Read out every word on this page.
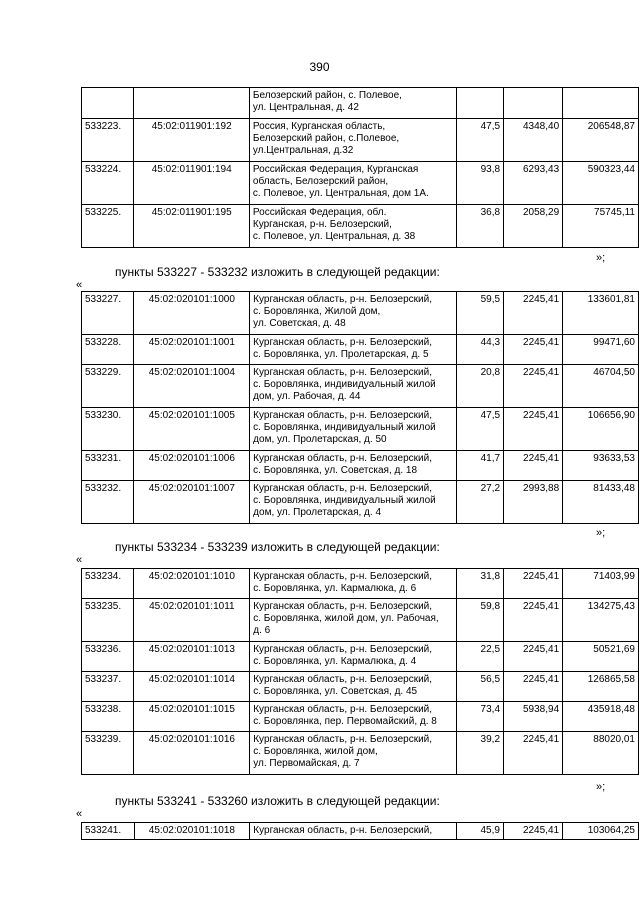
390
		Белозерский район, с. Полевое,
ул. Центральная, д. 42			
533223.	45:02:011901:192	Россия, Курганская область,
Белозерский район, с.Полевое,
ул.Центральная, д.32	47,5	4348,40	206548,87
533224.	45:02:011901:194	Российская Федерация, Курганская
область, Белозерский район,
с. Полевое, ул. Центральная, дом 1А.	93,8	6293,43	590323,44
533225.	45:02:011901:195	Российская Федерация, обл.
Курганская, р-н. Белозерский,
с. Полевое, ул. Центральная, д. 38	36,8	2058,29	75745,11
»;
пункты 533227 - 533232 изложить в следующей редакции:
«
533227.	45:02:020101:1000	Курганская область, р-н. Белозерский,
с. Боровлянка, Жилой дом,
ул. Советская, д. 48	59,5	2245,41	133601,81
533228.	45:02:020101:1001	Курганская область, р-н. Белозерский,
с. Боровлянка, ул. Пролетарская, д. 5	44,3	2245,41	99471,60
533229.	45:02:020101:1004	Курганская область, р-н. Белозерский,
с. Боровлянка, индивидуальный жилой
дом, ул. Рабочая, д. 44	20,8	2245,41	46704,50
533230.	45:02:020101:1005	Курганская область, р-н. Белозерский,
с. Боровлянка, индивидуальный жилой
дом, ул. Пролетарская, д. 50	47,5	2245,41	106656,90
533231.	45:02:020101:1006	Курганская область, р-н. Белозерский,
с. Боровлянка, ул. Советская, д. 18	41,7	2245,41	93633,53
533232.	45:02:020101:1007	Курганская область, р-н. Белозерский,
с. Боровлянка, индивидуальный жилой
дом, ул. Пролетарская, д. 4	27,2	2993,88	81433,48
»;
пункты 533234 - 533239 изложить в следующей редакции:
«
533234.	45:02:020101:1010	Курганская область, р-н. Белозерский,
с. Боровлянка, ул. Кармалюка, д. 6	31,8	2245,41	71403,99
533235.	45:02:020101:1011	Курганская область, р-н. Белозерский,
с. Боровлянка, жилой дом, ул. Рабочая,
д. 6	59,8	2245,41	134275,43
533236.	45:02:020101:1013	Курганская область, р-н. Белозерский,
с. Боровлянка, ул. Кармалюка, д. 4	22,5	2245,41	50521,69
533237.	45:02:020101:1014	Курганская область, р-н. Белозерский,
с. Боровлянка, ул. Советская, д. 45	56,5	2245,41	126865,58
533238.	45:02:020101:1015	Курганская область, р-н. Белозерский,
с. Боровлянка, пер. Первомайский, д. 8	73,4	5938,94	435918,48
533239.	45:02:020101:1016	Курганская область, р-н. Белозерский,
с. Боровлянка, жилой дом,
ул. Первомайская, д. 7	39,2	2245,41	88020,01
»;
пункты 533241 - 533260 изложить в следующей редакции:
«
533241.	45:02:020101:1018	Курганская область, р-н. Белозерский,	45,9	2245,41	103064,25
